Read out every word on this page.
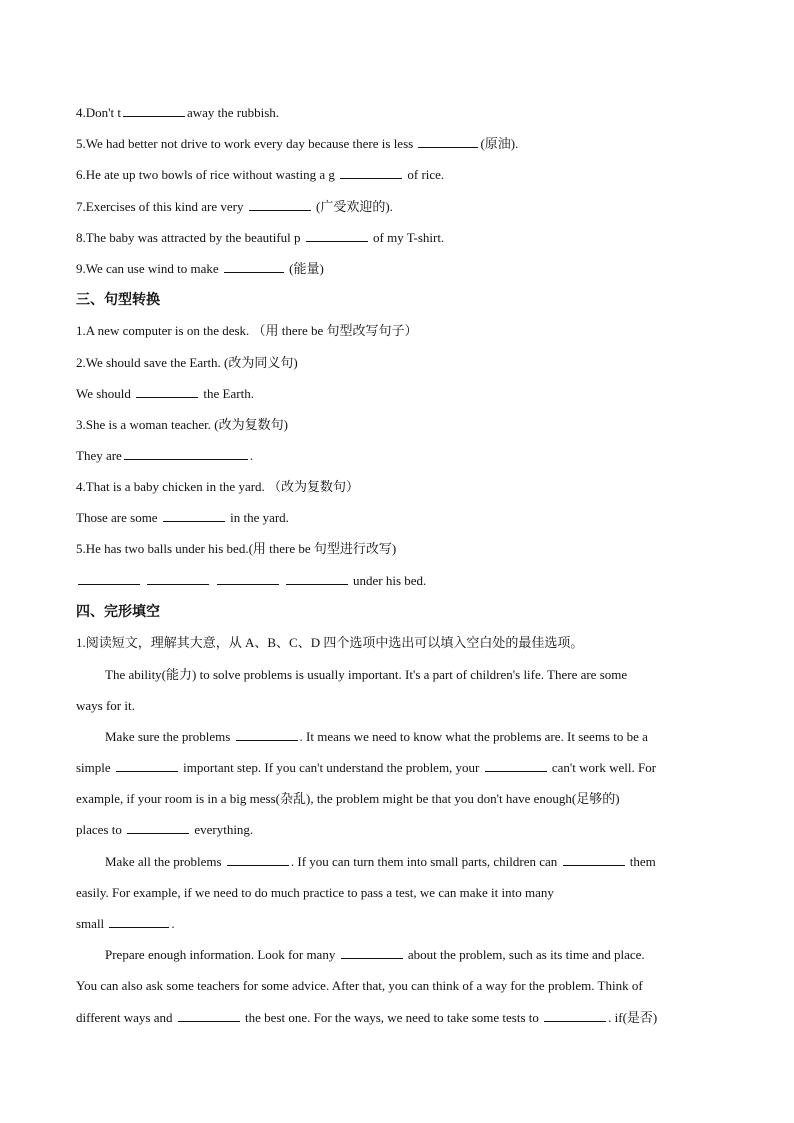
4.Don't t	away the rubbish.
5.We had better not drive to work every day because there is less	(原油).
6.He ate up two bowls of rice without wasting a g	of rice.
7.Exercises of this kind are very	(广受欢迎的).
8.The baby was attracted by the beautiful p	of my T-shirt.
9.We can use wind to make	(能量)
三、句型转换
1.A new computer is on the desk. （用 there be 句型改写句子）
2.We should save the Earth. (改为同义句)
We should	the Earth.
3.She is a woman teacher. (改为复数句)
They are	.
4.That is a baby chicken in the yard. （改为复数句）
Those are some	in the yard.
5.He has two balls under his bed.(用 there be 句型进行改写)
under his bed.
四、完形填空
1.阅读短文，理解其大意，从 A、B、C、D 四个选项中选出可以填入空白处的最佳选项。
The ability(能力) to solve problems is usually important. It's a part of children's life. There are some
ways for it.
Make sure the problems	. It means we need to know what the problems are. It seems to be a
simple	important step. If you can't understand the problem, your	can't work well. For
example, if your room is in a big mess(杂乱), the problem might be that you don't have enough(足够的)
places to	everything.
Make all the problems	. If you can turn them into small parts, children can	them
easily. For example, if we need to do much practice to pass a test, we can make it into many
small	.
Prepare enough information. Look for many	about the problem, such as its time and place.
You can also ask some teachers for some advice. After that, you can think of a way for the problem. Think of
different ways and	the best one. For the ways, we need to take some tests to	. if(是否)
